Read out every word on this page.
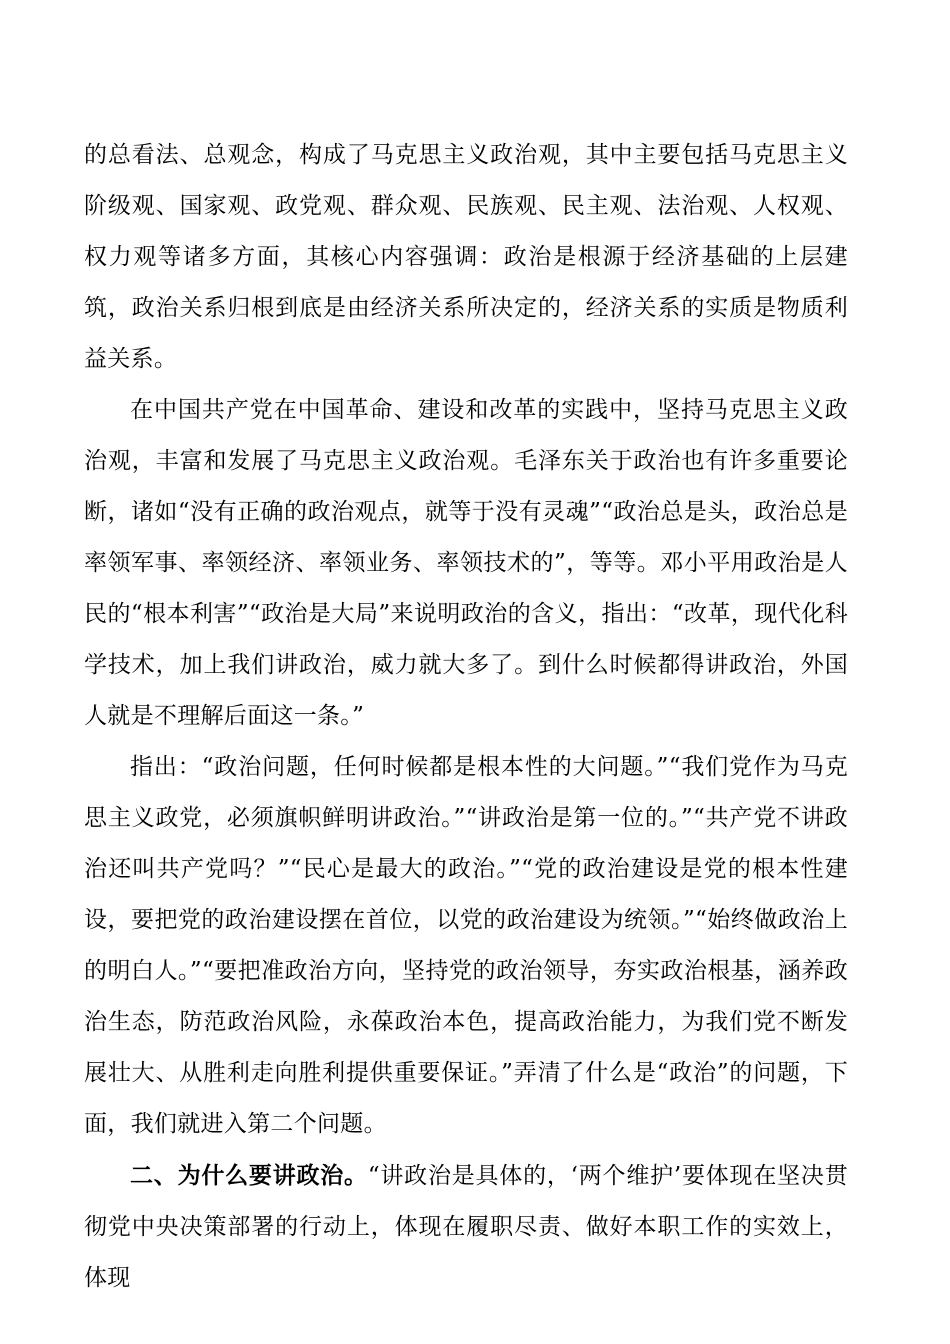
的总看法、总观念，构成了马克思主义政治观，其中主要包括马克思主义阶级观、国家观、政党观、群众观、民族观、民主观、法治观、人权观、权力观等诸多方面，其核心内容强调：政治是根源于经济基础的上层建筑，政治关系归根到底是由经济关系所决定的，经济关系的实质是物质利益关系。

在中国共产党在中国革命、建设和改革的实践中，坚持马克思主义政治观，丰富和发展了马克思主义政治观。毛泽东关于政治也有许多重要论断，诸如“没有正确的政治观点，就等于没有灵魂”“政治总是头，政治总是率领军事、率领经济、率领业务、率领技术的”，等等。邓小平用政治是人民的“根本利害”“政治是大局”来说明政治的含义，指出：“改革，现代化科学技术，加上我们讲政治，威力就大多了。到什么时候都得讲政治，外国人就是不理解后面这一条。”

指出：“政治问题，任何时候都是根本性的大问题。”“我们党作为马克思主义政党，必须旗帜鲜明讲政治。”“讲政治是第一位的。”“共产党不讲政治还叫共产党吗？”“民心是最大的政治。”“党的政治建设是党的根本性建设，要把党的政治建设摆在首位，以党的政治建设为统领。”“始终做政治上的明白人。”“要把准政治方向，坚持党的政治领导，夯实政治根基，涵养政治生态，防范政治风险，永葆政治本色，提高政治能力，为我们党不断发展壮大、从胜利走向胜利提供重要保证。”弄清了什么是“政治”的问题，下面，我们就进入第二个问题。

二、为什么要讲政治。“讲政治是具体的，‘两个维护’要体现在坚决贯彻党中央决策部署的行动上，体现在履职尽责、做好本职工作的实效上，体现
